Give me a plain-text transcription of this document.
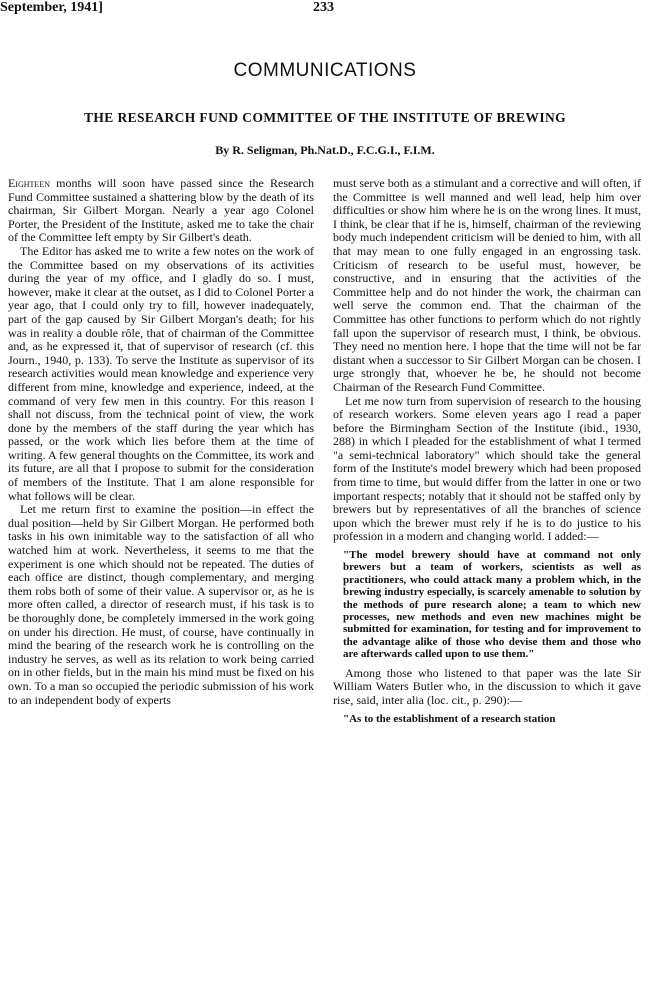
September, 1941]	233
COMMUNICATIONS
THE RESEARCH FUND COMMITTEE OF THE INSTITUTE OF BREWING
By R. Seligman, Ph.Nat.D., F.C.G.I., F.I.M.

Eighteen months will soon have passed since the Research Fund Committee sustained a shattering blow by the death of its chairman, Sir Gilbert Morgan. Nearly a year ago Colonel Porter, the President of the Institute, asked me to take the chair of the Committee left empty by Sir Gilbert's death.

The Editor has asked me to write a few notes on the work of the Committee based on my observations of its activities during the year of my office, and I gladly do so. I must, however, make it clear at the outset, as I did to Colonel Porter a year ago, that I could only try to fill, however inadequately, part of the gap caused by Sir Gilbert Morgan's death; for his was in reality a double rôle, that of chairman of the Committee and, as he expressed it, that of supervisor of research (cf. this Journ., 1940, p. 133). To serve the Institute as supervisor of its research activities would mean knowledge and experience very different from mine, knowledge and experience, indeed, at the command of very few men in this country. For this reason I shall not discuss, from the technical point of view, the work done by the members of the staff during the year which has passed, or the work which lies before them at the time of writing. A few general thoughts on the Committee, its work and its future, are all that I propose to submit for the consideration of members of the Institute. That I am alone responsible for what follows will be clear.

Let me return first to examine the position—in effect the dual position—held by Sir Gilbert Morgan. He performed both tasks in his own inimitable way to the satisfaction of all who watched him at work. Nevertheless, it seems to me that the experiment is one which should not be repeated. The duties of each office are distinct, though complementary, and merging them robs both of some of their value. A supervisor or, as he is more often called, a director of research must, if his task is to be thoroughly done, be completely immersed in the work going on under his direction. He must, of course, have continually in mind the bearing of the research work he is controlling on the industry he serves, as well as its relation to work being carried on in other fields, but in the main his mind must be fixed on his own. To a man so occupied the periodic submission of his work to an independent body of experts

must serve both as a stimulant and a corrective and will often, if the Committee is well manned and well lead, help him over difficulties or show him where he is on the wrong lines. It must, I think, be clear that if he is, himself, chairman of the reviewing body much independent criticism will be denied to him, with all that may mean to one fully engaged in an engrossing task. Criticism of research to be useful must, however, be constructive, and in ensuring that the activities of the Committee help and do not hinder the work, the chairman can well serve the common end. That the chairman of the Committee has other functions to perform which do not rightly fall upon the supervisor of research must, I think, be obvious. They need no mention here. I hope that the time will not be far distant when a successor to Sir Gilbert Morgan can be chosen. I urge strongly that, whoever he be, he should not become Chairman of the Research Fund Committee.

Let me now turn from supervision of research to the housing of research workers. Some eleven years ago I read a paper before the Birmingham Section of the Institute (ibid., 1930, 288) in which I pleaded for the establishment of what I termed "a semi-technical laboratory" which should take the general form of the Institute's model brewery which had been proposed from time to time, but would differ from the latter in one or two important respects; notably that it should not be staffed only by brewers but by representatives of all the branches of science upon which the brewer must rely if he is to do justice to his profession in a modern and changing world. I added:—

"The model brewery should have at command not only brewers but a team of workers, scientists as well as practitioners, who could attack many a problem which, in the brewing industry especially, is scarcely amenable to solution by the methods of pure research alone; a team to which new processes, new methods and even new machines might be submitted for examination, for testing and for improvement to the advantage alike of those who devise them and those who are afterwards called upon to use them."

Among those who listened to that paper was the late Sir William Waters Butler who, in the discussion to which it gave rise, said, inter alia (loc. cit., p. 290):—

"As to the establishment of a research station
